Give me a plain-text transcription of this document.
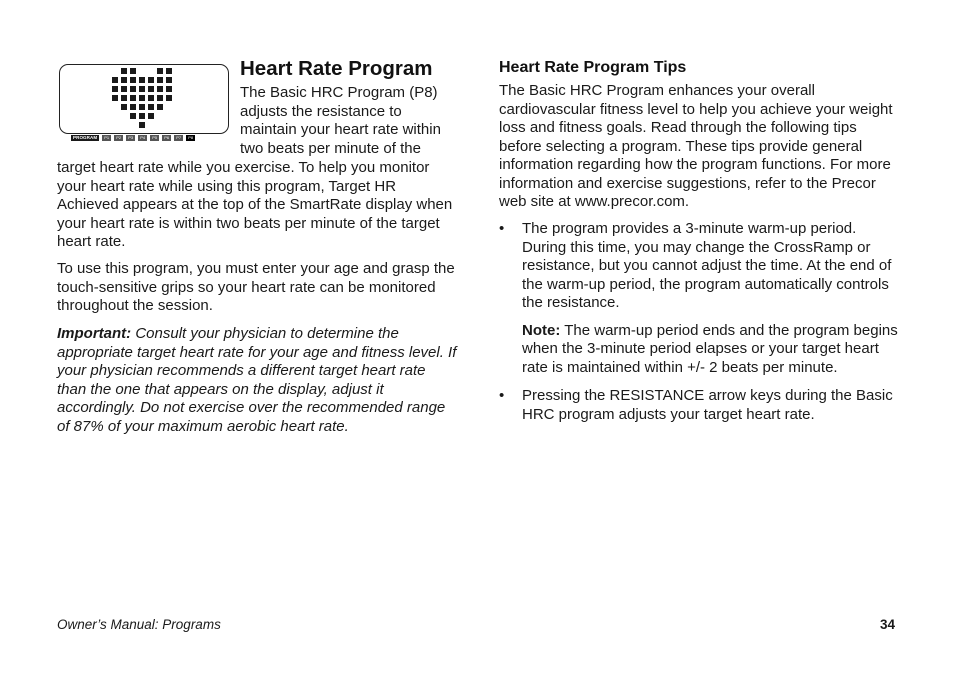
PROGRAM	P1	P2	P3	P4	P5	P6	P7	P8
Heart Rate Program

The Basic HRC Program (P8) adjusts the resistance to maintain your heart rate within two beats per minute of the

target heart rate while you exercise. To help you monitor your heart rate while using this program, Target HR Achieved appears at the top of the SmartRate display when your heart rate is within two beats per minute of the target heart rate.

To use this program, you must enter your age and grasp the touch-sensitive grips so your heart rate can be monitored throughout the session.

Important: Consult your physician to determine the appropriate target heart rate for your age and fitness level. If your physician recommends a different target heart rate than the one that appears on the display, adjust it accordingly. Do not exercise over the recommended range of 87% of your maximum aerobic heart rate.

Heart Rate Program Tips

The Basic HRC Program enhances your overall cardiovascular fitness level to help you achieve your weight loss and fitness goals. Read through the following tips before selecting a program. These tips provide general information regarding how the program functions. For more information and exercise suggestions, refer to the Precor web site at www.precor.com.

• The program provides a 3-minute warm-up period. During this time, you may change the CrossRamp or resistance, but you cannot adjust the time. At the end of the warm-up period, the program automatically controls the resistance.

Note: The warm-up period ends and the program begins when the 3-minute period elapses or your target heart rate is maintained within +/- 2 beats per minute.

• Pressing the RESISTANCE arrow keys during the Basic HRC program adjusts your target heart rate.

Owner’s Manual: Programs	34
